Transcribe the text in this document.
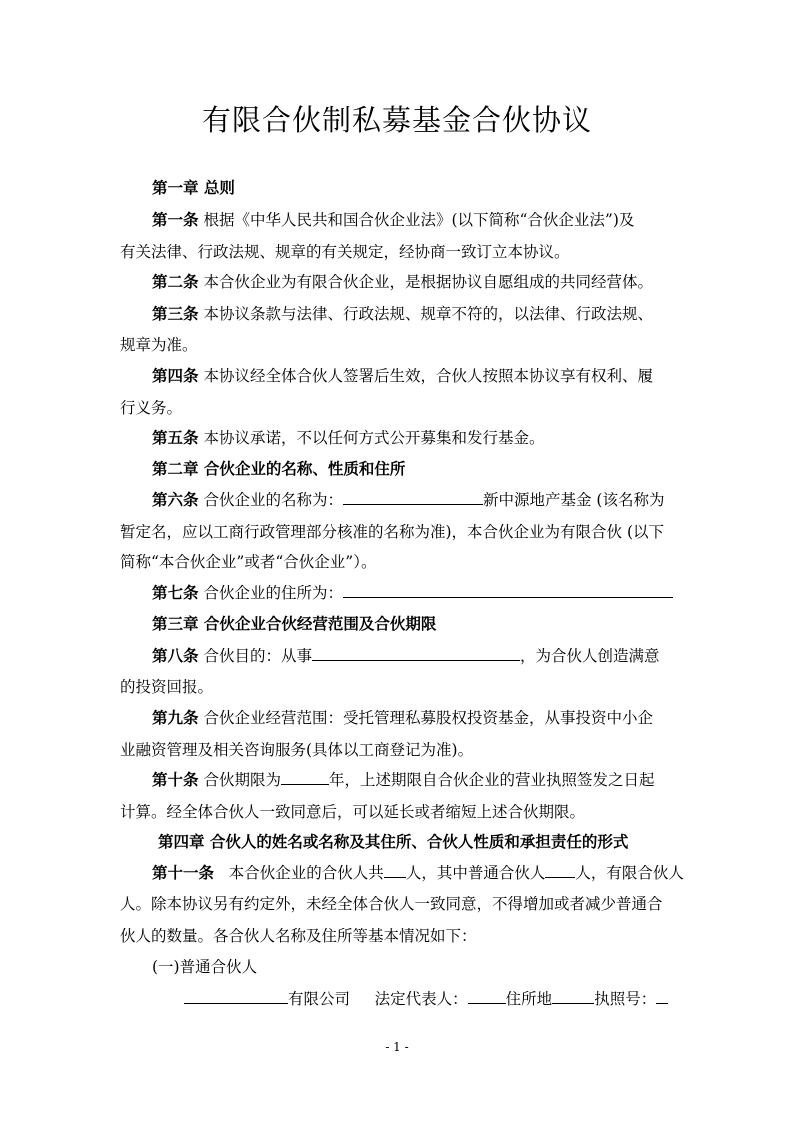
有限合伙制私募基金合伙协议
第一章 总则
第一条 根据《中华人民共和国合伙企业法》(以下简称“合伙企业法”)及
有关法律、行政法规、规章的有关规定，经协商一致订立本协议。
第二条 本合伙企业为有限合伙企业，是根据协议自愿组成的共同经营体。
第三条 本协议条款与法律、行政法规、规章不符的，以法律、行政法规、
规章为准。
第四条 本协议经全体合伙人签署后生效，合伙人按照本协议享有权利、履
行义务。
第五条 本协议承诺，不以任何方式公开募集和发行基金。
第二章 合伙企业的名称、性质和住所
第六条 合伙企业的名称为：	新中源地产基金 (该名称为
暂定名，应以工商行政管理部分核准的名称为准)，本合伙企业为有限合伙 (以下
简称“本合伙企业”或者“合伙企业”）。
第七条 合伙企业的住所为：
第三章 合伙企业合伙经营范围及合伙期限
第八条 合伙目的：从事	，为合伙人创造满意
的投资回报。
第九条 合伙企业经营范围：受托管理私募股权投资基金，从事投资中小企
业融资管理及相关咨询服务(具体以工商登记为准)。
第十条 合伙期限为	年，上述期限自合伙企业的营业执照签发之日起
计算。经全体合伙人一致同意后，可以延长或者缩短上述合伙期限。
第四章 合伙人的姓名或名称及其住所、合伙人性质和承担责任的形式
第十一条 本合伙企业的合伙人共 人，其中普通合伙人 人，有限合伙人
人。除本协议另有约定外，未经全体合伙人一致同意，不得增加或者减少普通合
伙人的数量。各合伙人名称及住所等基本情况如下：
(一)普通合伙人
有限公司 法定代表人： 住所地	执照号：
- 1 -
